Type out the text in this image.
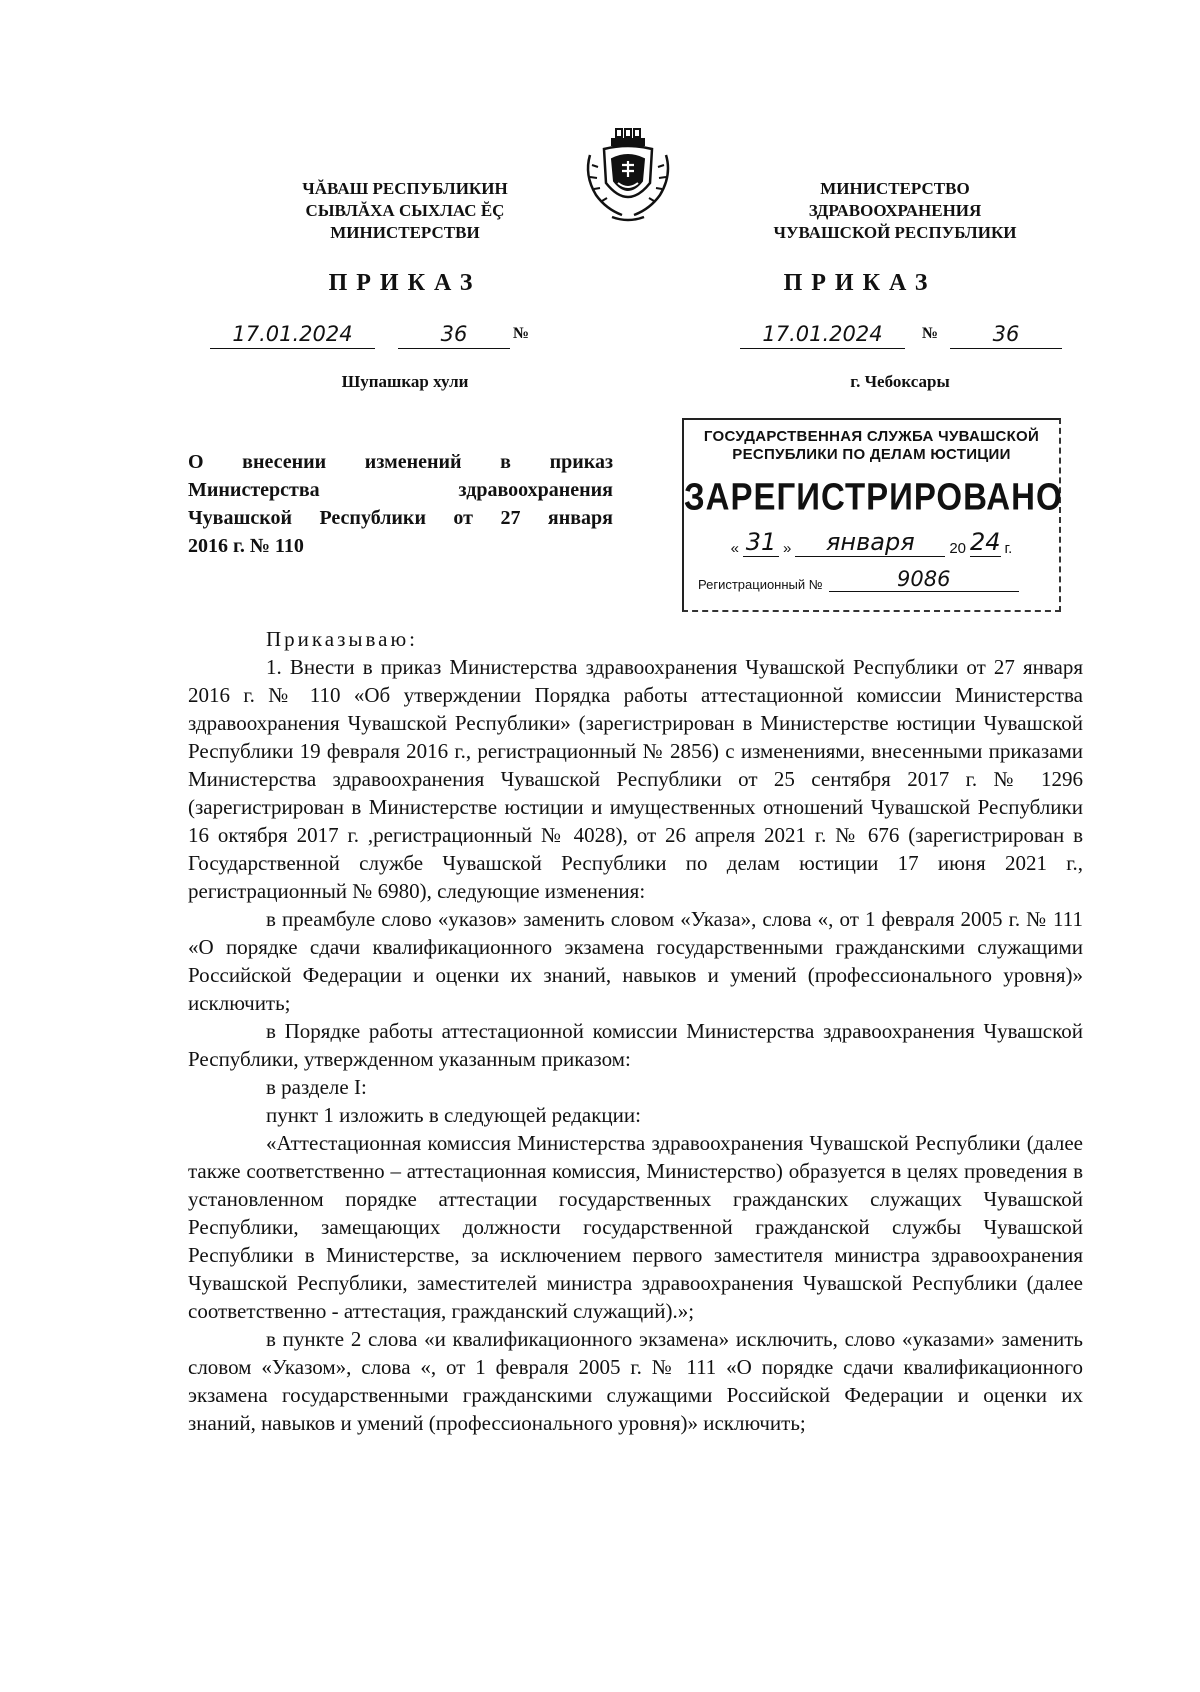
ЧĂВАШ РЕСПУБЛИКИН
СЫВЛĂХА СЫХЛАС ĔÇ
МИНИСТЕРСТВИ
МИНИСТЕРСТВО
ЗДРАВООХРАНЕНИЯ
ЧУВАШСКОЙ РЕСПУБЛИКИ
ПРИКАЗ	ПРИКАЗ
17.01.2024	36	№	17.01.2024	№	36
Шупашкар хули	г. Чебоксары
О внесении изменений в приказ
Министерства здравоохранения
Чувашской Республики от 27 января
2016 г. № 110
ГОСУДАРСТВЕННАЯ СЛУЖБА ЧУВАШСКОЙ
РЕСПУБЛИКИ ПО ДЕЛАМ ЮСТИЦИИ
ЗАРЕГИСТРИРОВАНО
« 31 »	января	20 24 г.
Регистрационный №	9086

Приказываю:

1. Внести в приказ Министерства здравоохранения Чувашской Республики от 27 января 2016 г. № 110 «Об утверждении Порядка работы аттестационной комиссии Министерства здравоохранения Чувашской Республики» (зарегистрирован в Министерстве юстиции Чувашской Республики 19 февраля 2016 г., регистрационный № 2856) с изменениями, внесенными приказами Министерства здравоохранения Чувашской Республики от 25 сентября 2017 г. № 1296 (зарегистрирован в Министерстве юстиции и имущественных отношений Чувашской Республики 16 октября 2017 г. ,регистрационный № 4028), от 26 апреля 2021 г. № 676 (зарегистрирован в Государственной службе Чувашской Республики по делам юстиции 17 июня 2021 г., регистрационный № 6980), следующие изменения:

в преамбуле слово «указов» заменить словом «Указа», слова «, от 1 февраля 2005 г. № 111 «О порядке сдачи квалификационного экзамена государственными гражданскими служащими Российской Федерации и оценки их знаний, навыков и умений (профессионального уровня)» исключить;

в Порядке работы аттестационной комиссии Министерства здравоохранения Чувашской Республики, утвержденном указанным приказом:

в разделе I:

пункт 1 изложить в следующей редакции:

«Аттестационная комиссия Министерства здравоохранения Чувашской Республики (далее также соответственно – аттестационная комиссия, Министерство) образуется в целях проведения в установленном порядке аттестации государственных гражданских служащих Чувашской Республики, замещающих должности государственной гражданской службы Чувашской Республики в Министерстве, за исключением первого заместителя министра здравоохранения Чувашской Республики, заместителей министра здравоохранения Чувашской Республики (далее соответственно - аттестация, гражданский служащий).»;

в пункте 2 слова «и квалификационного экзамена» исключить, слово «указами» заменить словом «Указом», слова «, от 1 февраля 2005 г. № 111 «О порядке сдачи квалификационного экзамена государственными гражданскими служащими Российской Федерации и оценки их знаний, навыков и умений (профессионального уровня)» исключить;
